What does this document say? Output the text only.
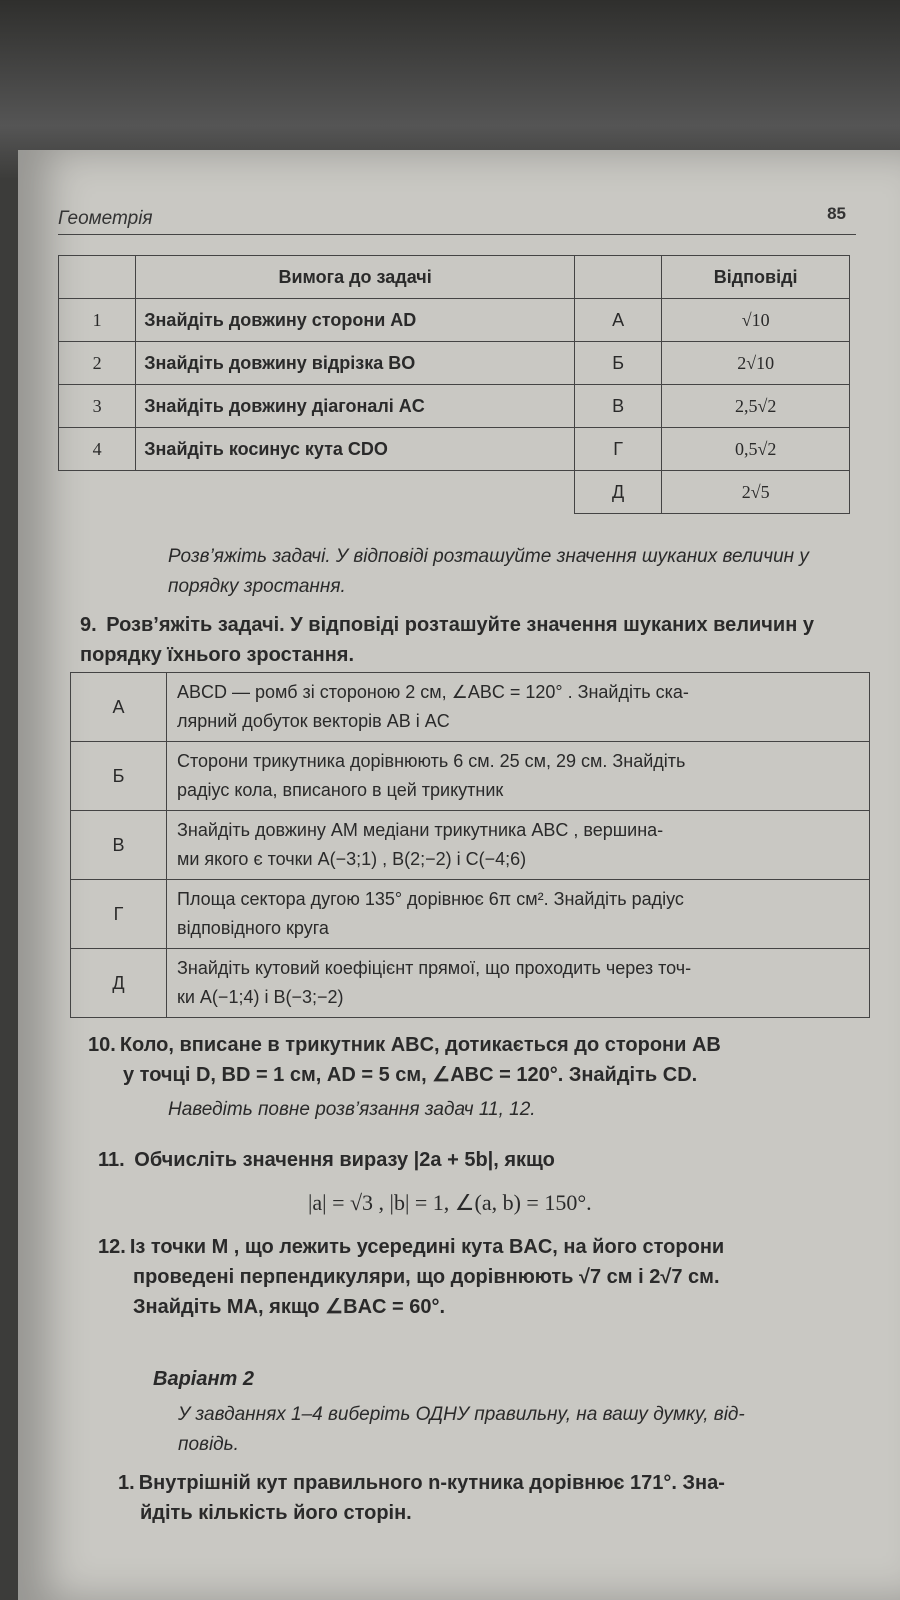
Геометрія	85
	Вимога до задачі		Відповіді
1	Знайдіть довжину сторони AD	А	√10
2	Знайдіть довжину відрізка BO	Б	2√10
3	Знайдіть довжину діагоналі AC	В	2,5√2
4	Знайдіть косинус кута CDO	Г	0,5√2
		Д	2√5
Розв’яжіть задачі. У відповіді розташуйте значення шуканих величин у порядку зростання.
9. Розв’яжіть задачі. У відповіді розташуйте значення шуканих величин у порядку їхнього зростання.
А	ABCD — ромб зі стороною 2 см, ∠ABC = 120° . Знайдіть ска-
лярний добуток векторів AB і AC

Б	Сторони трикутника дорівнюють 6 см. 25 см, 29 см. Знайдіть
радіус кола, вписаного в цей трикутник

В	Знайдіть довжину AM медіани трикутника ABC , вершина-
ми якого є точки A(−3;1) , B(2;−2) і C(−4;6)

Г	Площа сектора дугою 135° дорівнює 6π см². Знайдіть радіус
відповідного круга

Д	Знайдіть кутовий коефіцієнт прямої, що проходить через точ-
ки A(−1;4) і B(−3;−2)
10. Коло, вписане в трикутник ABC, дотикається до сторони AB
у точці D, BD = 1 см, AD = 5 см, ∠ABC = 120°. Знайдіть CD.
Наведіть повне розв’язання задач 11, 12.
11. Обчисліть значення виразу |2a + 5b|, якщо
|a| = √3 , |b| = 1, ∠(a, b) = 150°.
12. Із точки M , що лежить усередині кута BAC, на його сторони
проведені перпендикуляри, що дорівнюють √7 см і 2√7 см.
Знайдіть MA, якщо ∠BAC = 60°.
Варіант 2
У завданнях 1–4 виберіть ОДНУ правильну, на вашу думку, від-
повідь.
1. Внутрішній кут правильного n-кутника дорівнює 171°. Зна-
йдіть кількість його сторін.
